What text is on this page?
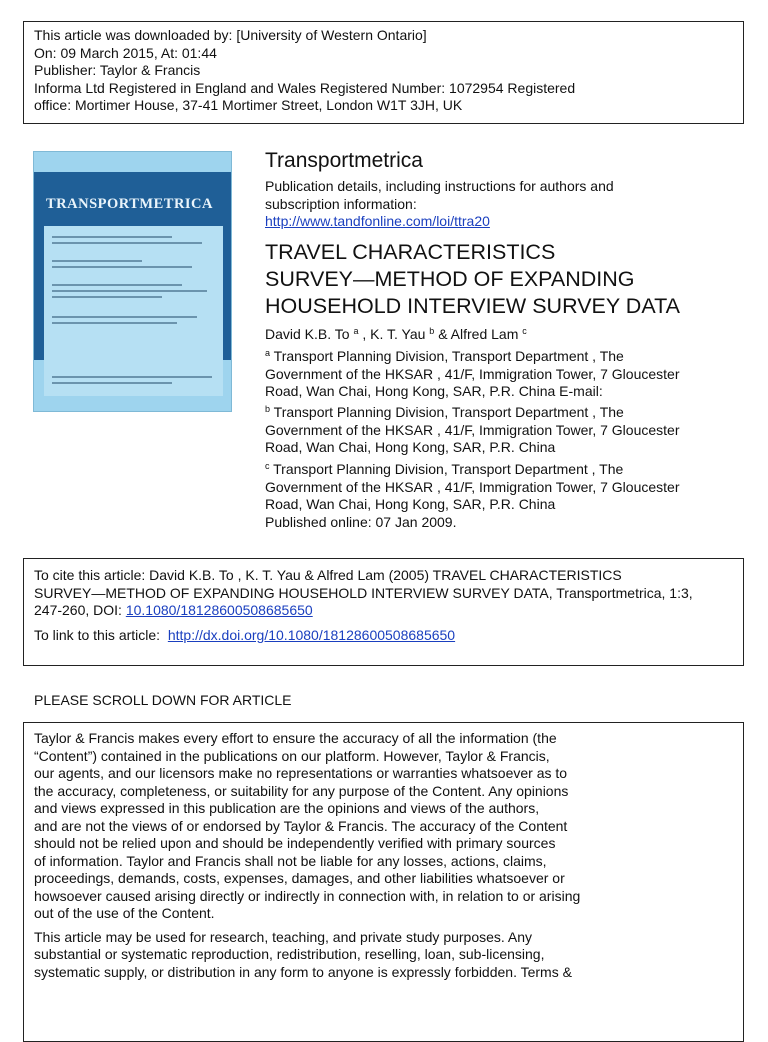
This article was downloaded by: [University of Western Ontario]
On: 09 March 2015, At: 01:44
Publisher: Taylor & Francis
Informa Ltd Registered in England and Wales Registered Number: 1072954 Registered
office: Mortimer House, 37-41 Mortimer Street, London W1T 3JH, UK
TRANSPORTMETRICA
Transportmetrica
Publication details, including instructions for authors and
subscription information:
http://www.tandfonline.com/loi/ttra20
TRAVEL CHARACTERISTICS
SURVEY—METHOD OF EXPANDING
HOUSEHOLD INTERVIEW SURVEY DATA
David K.B. To $^a$ , K. T. Yau $^b$ & Alfred Lam $^c$
$^a$ Transport Planning Division, Transport Department , The
Government of the HKSAR , 41/F, Immigration Tower, 7 Gloucester
Road, Wan Chai, Hong Kong, SAR, P.R. China E-mail:
$^b$ Transport Planning Division, Transport Department , The
Government of the HKSAR , 41/F, Immigration Tower, 7 Gloucester
Road, Wan Chai, Hong Kong, SAR, P.R. China
$^c$ Transport Planning Division, Transport Department , The
Government of the HKSAR , 41/F, Immigration Tower, 7 Gloucester
Road, Wan Chai, Hong Kong, SAR, P.R. China
Published online: 07 Jan 2009.
To cite this article: David K.B. To , K. T. Yau & Alfred Lam (2005) TRAVEL CHARACTERISTICS
SURVEY—METHOD OF EXPANDING HOUSEHOLD INTERVIEW SURVEY DATA, Transportmetrica, 1:3,
247-260, DOI: 10.1080/18128600508685650
To link to this article: http://dx.doi.org/10.1080/18128600508685650
PLEASE SCROLL DOWN FOR ARTICLE
Taylor & Francis makes every effort to ensure the accuracy of all the information (the
“Content”) contained in the publications on our platform. However, Taylor & Francis,
our agents, and our licensors make no representations or warranties whatsoever as to
the accuracy, completeness, or suitability for any purpose of the Content. Any opinions
and views expressed in this publication are the opinions and views of the authors,
and are not the views of or endorsed by Taylor & Francis. The accuracy of the Content
should not be relied upon and should be independently verified with primary sources
of information. Taylor and Francis shall not be liable for any losses, actions, claims,
proceedings, demands, costs, expenses, damages, and other liabilities whatsoever or
howsoever caused arising directly or indirectly in connection with, in relation to or arising
out of the use of the Content.
This article may be used for research, teaching, and private study purposes. Any
substantial or systematic reproduction, redistribution, reselling, loan, sub-licensing,
systematic supply, or distribution in any form to anyone is expressly forbidden. Terms &
